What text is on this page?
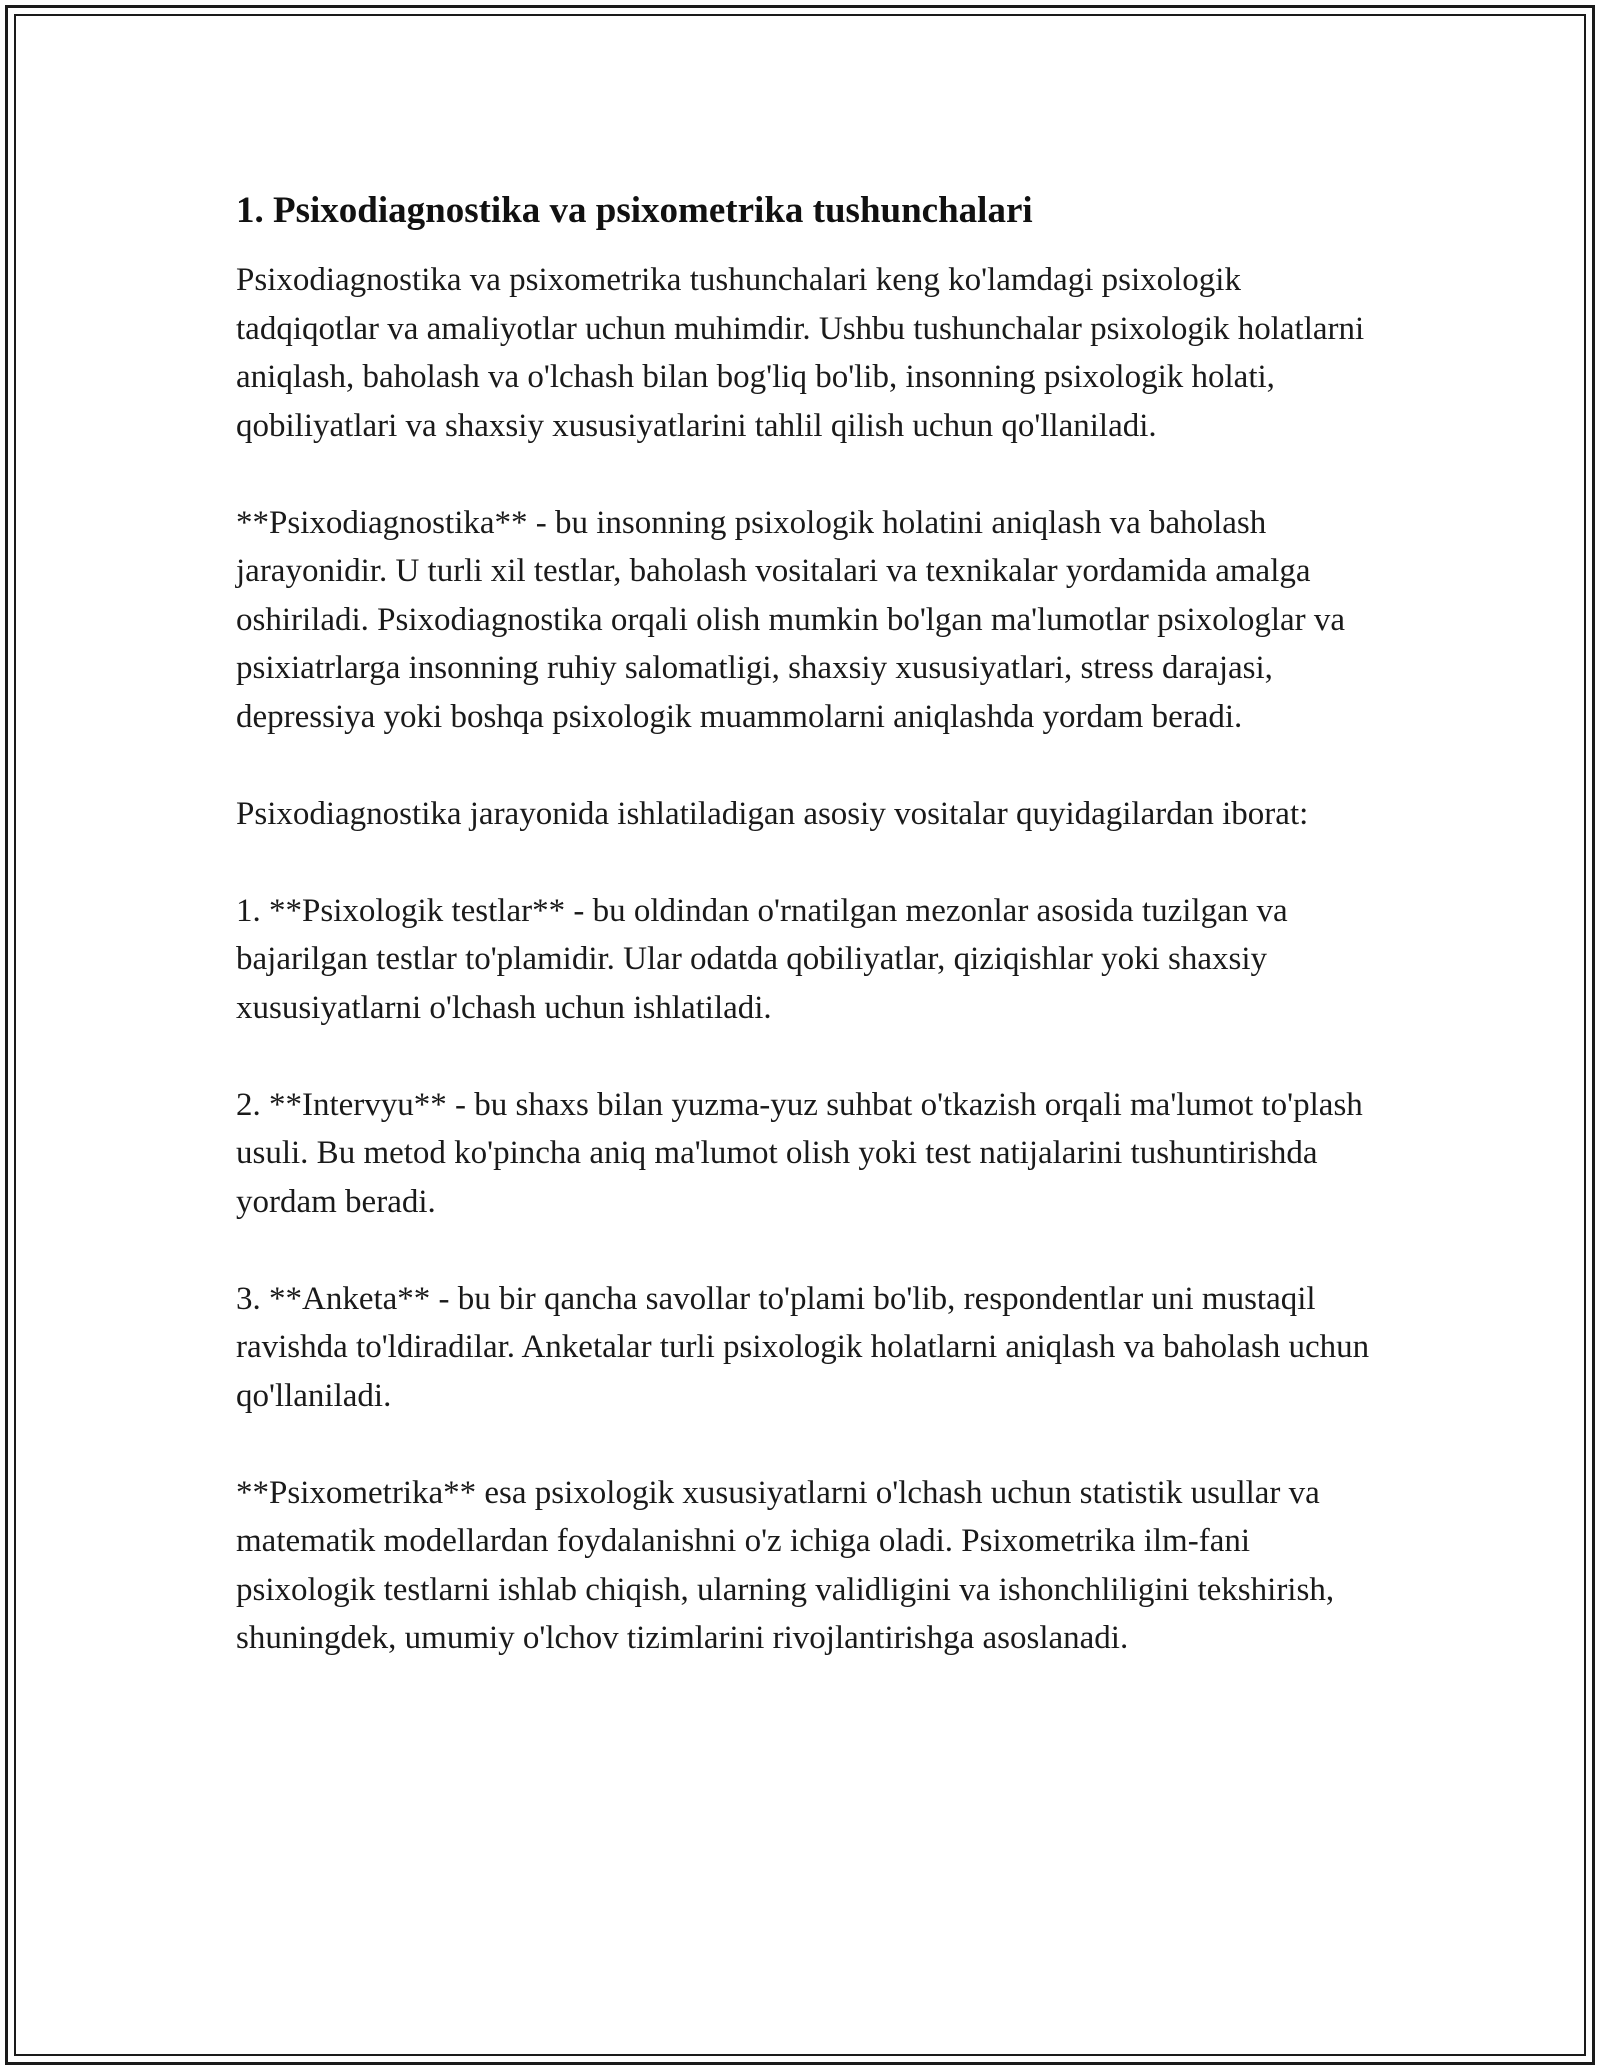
1. Psixodiagnostika va psixometrika tushunchalari

Psixodiagnostika va psixometrika tushunchalari keng ko'lamdagi psixologik tadqiqotlar va amaliyotlar uchun muhimdir. Ushbu tushunchalar psixologik holatlarni aniqlash, baholash va o'lchash bilan bog'liq bo'lib, insonning psixologik holati, qobiliyatlari va shaxsiy xususiyatlarini tahlil qilish uchun qo'llaniladi.

**Psixodiagnostika** - bu insonning psixologik holatini aniqlash va baholash jarayonidir. U turli xil testlar, baholash vositalari va texnikalar yordamida amalga oshiriladi. Psixodiagnostika orqali olish mumkin bo'lgan ma'lumotlar psixologlar va psixiatrlarga insonning ruhiy salomatligi, shaxsiy xususiyatlari, stress darajasi, depressiya yoki boshqa psixologik muammolarni aniqlashda yordam beradi.

Psixodiagnostika jarayonida ishlatiladigan asosiy vositalar quyidagilardan iborat:

1. **Psixologik testlar** - bu oldindan o'rnatilgan mezonlar asosida tuzilgan va bajarilgan testlar to'plamidir. Ular odatda qobiliyatlar, qiziqishlar yoki shaxsiy xususiyatlarni o'lchash uchun ishlatiladi.

2. **Intervyu** - bu shaxs bilan yuzma-yuz suhbat o'tkazish orqali ma'lumot to'plash usuli. Bu metod ko'pincha aniq ma'lumot olish yoki test natijalarini tushuntirishda yordam beradi.

3. **Anketa** - bu bir qancha savollar to'plami bo'lib, respondentlar uni mustaqil ravishda to'ldiradilar. Anketalar turli psixologik holatlarni aniqlash va baholash uchun qo'llaniladi.

**Psixometrika** esa psixologik xususiyatlarni o'lchash uchun statistik usullar va matematik modellardan foydalanishni o'z ichiga oladi. Psixometrika ilm-fani psixologik testlarni ishlab chiqish, ularning validligini va ishonchliligini tekshirish, shuningdek, umumiy o'lchov tizimlarini rivojlantirishga asoslanadi.
